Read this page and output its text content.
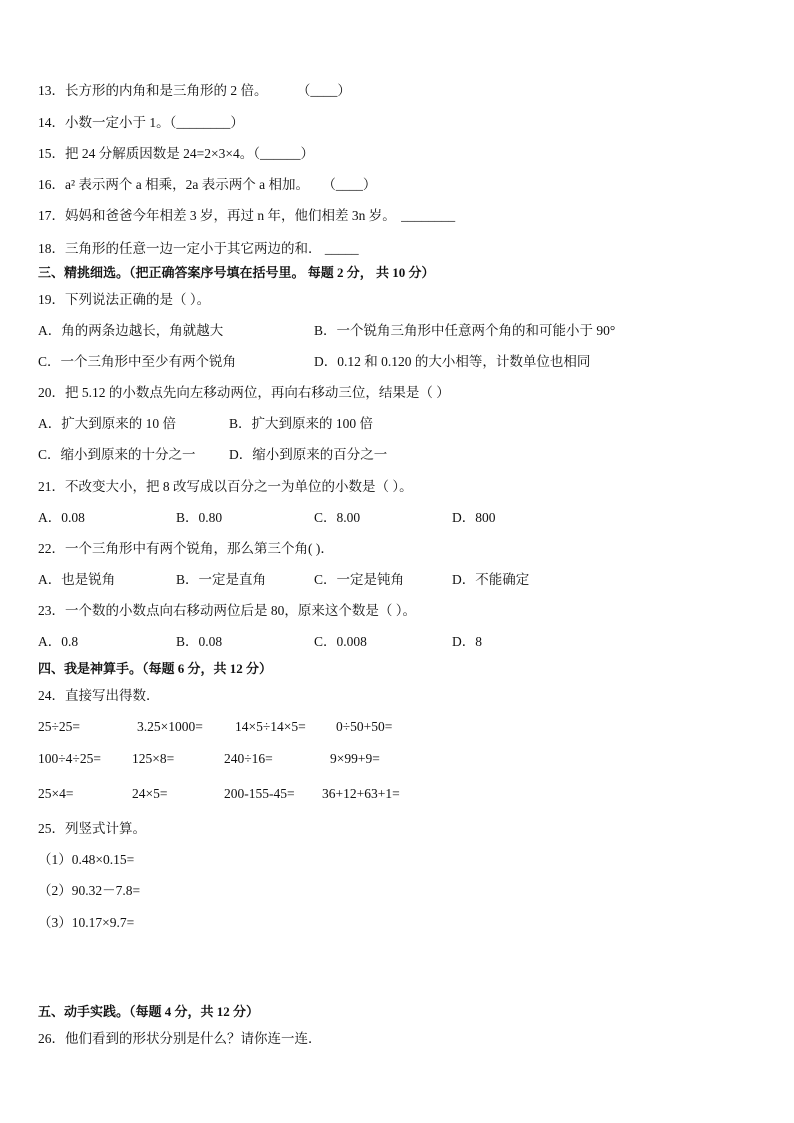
13．长方形的内角和是三角形的 2 倍。 （____）
14．小数一定小于 1。（________）
15．把 24 分解质因数是 24=2×3×4。（______）
16．a² 表示两个 a 相乘，2a 表示两个 a 相加。 （____）
17．妈妈和爸爸今年相差 3 岁，再过 n 年，他们相差 3n 岁。 ________
18．三角形的任意一边一定小于其它两边的和． _____
三、精挑细选。（把正确答案序号填在括号里。 每题 2 分， 共 10 分）
19．下列说法正确的是（ ）。
A．角的两条边越长，角就越大	B．一个锐角三角形中任意两个角的和可能小于 90°
C．一个三角形中至少有两个锐角	D．0.12 和 0.120 的大小相等，计数单位也相同
20．把 5.12 的小数点先向左移动两位，再向右移动三位，结果是（ ）
A．扩大到原来的 10 倍	B．扩大到原来的 100 倍
C．缩小到原来的十分之一 D．缩小到原来的百分之一
21．不改变大小，把 8 改写成以百分之一为单位的小数是（ ）。
A．0.08	B．0.80	C．8.00	D．800
22．一个三角形中有两个锐角，那么第三个角( )．
A．也是锐角	B．一定是直角	C．一定是钝角	D．不能确定
23．一个数的小数点向右移动两位后是 80，原来这个数是（ ）。
A．0.8	B．0.08	C．0.008	D．8
四、我是神算手。（每题 6 分，共 12 分）
24．直接写出得数．
25÷25=	3.25×1000= 14×5÷14×5= 0÷50+50=
100÷4÷25= 125×8=	240÷16=	9×99+9=
25×4=	24×5=	200-155-45= 36+12+63+1=
25．列竖式计算。
（1）0.48×0.15=
（2）90.32－7.8=
（3）10.17×9.7=
五、动手实践。（每题 4 分，共 12 分）
26．他们看到的形状分别是什么？请你连一连．
